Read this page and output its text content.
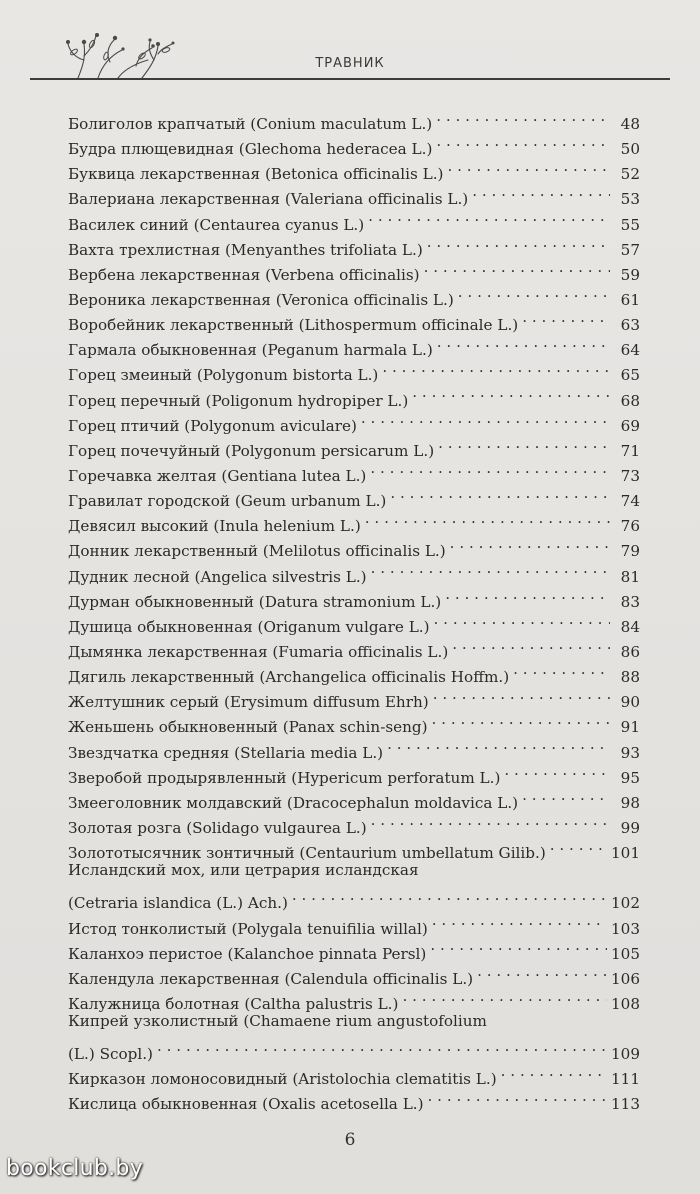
ТРАВНИК
Болиголов крапчатый (Conium maculatum L.) . . .	48
Будра плющевидная (Glechoma hederacea L.) . . .	50
Буквица лекарственная (Betonica officinalis L.) . . .	52
Валериана лекарственная (Valeriana officinalis L.) . . .	53
Василек синий (Centaurea cyanus L.) . . .	55
Вахта трехлистная (Menyanthes trifoliata L.) . . .	57
Вербена лекарственная (Verbena officinalis) . . .	59
Вероника лекарственная (Veronica officinalis L.) . . .	61
Воробейник лекарственный (Lithospermum officinale L.) . . .	63
Гармала обыкновенная (Peganum harmala L.) . . .	64
Горец змеиный (Polygonum bistorta L.) . . .	65
Горец перечный (Poligonum hydropiper L.) . . .	68
Горец птичий (Polygonum aviculare) . . .	69
Горец почечуйный (Polygonum persicarum L.) . . .	71
Горечавка желтая (Gentiana lutea L.) . . .	73
Гравилат городской (Geum urbanum L.) . . .	74
Девясил высокий (Inula helenium L.) . . .	76
Донник лекарственный (Melilotus officinalis L.) . . .	79
Дудник лесной (Angelica silvestris L.) . . .	81
Дурман обыкновенный (Datura stramonium L.) . . .	83
Душица обыкновенная (Origanum vulgare L.) . . .	84
Дымянка лекарственная (Fumaria officinalis L.) . . .	86
Дягиль лекарственный (Archangelica officinalis Hoffm.) . . .	88
Желтушник серый (Erysimum diffusum Ehrh) . . .	90
Женьшень обыкновенный (Panax schin-seng) . . .	91
Звездчатка средняя (Stellaria media L.) . . .	93
Зверобой продырявленный (Hypericum perforatum L.) . . .	95
Змееголовник молдавский (Dracocephalun moldavica L.) . . .	98
Золотая розга (Solidago vulgaurea L.) . . .	99
Золототысячник зонтичный (Centaurium umbellatum Gilib.) . . .	101
Исландский мох, или цетрария исландская
(Cetraria islandica (L.) Ach.) . . .	102
Истод тонколистый (Polygala tenuifilia willal) . . .	103
Каланхоэ перистое (Kalanchoe pinnata Persl) . . .	105
Календула лекарственная (Calendula officinalis L.) . . .	106
Калужница болотная (Caltha palustris L.) . . .	108
Кипрей узколистный (Chamaene rium angustofolium
(L.) Scopl.) . . .	109
Кирказон ломоносовидный (Aristolochia clematitis L.) . . .	111
Кислица обыкновенная (Oxalis acetosella L.) . . .	113
6
bookclub.by
